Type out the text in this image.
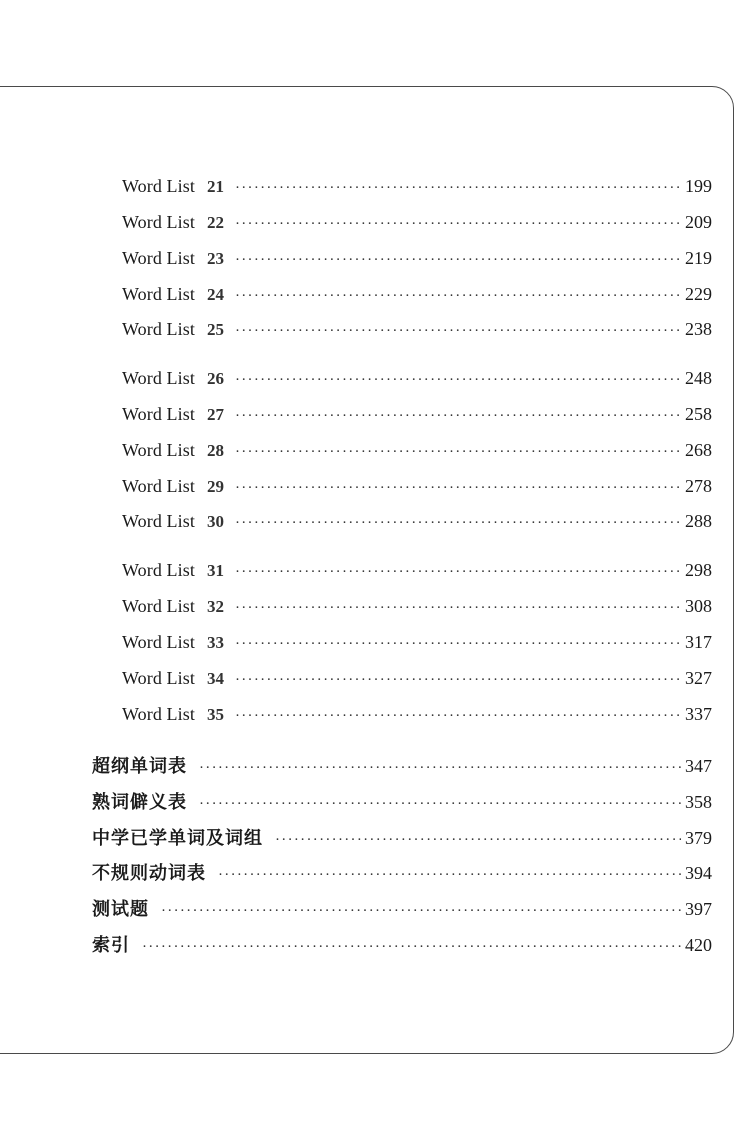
Word List 21 ·····	199
Word List 22 ·····	209
Word List 23 ·····	219
Word List 24 ·····	229
Word List 25 ·····	238
Word List 26 ·····	248
Word List 27 ·····	258
Word List 28 ·····	268
Word List 29 ·····	278
Word List 30 ·····	288
Word List 31 ·····	298
Word List 32 ·····	308
Word List 33 ·····	317
Word List 34 ·····	327
Word List 35 ·····	337
超纲单词表 ·····	347
熟词僻义表 ·····	358
中学已学单词及词组 ·····	379
不规则动词表 ·····	394
测试题 ·····	397
索引 ·····	420
